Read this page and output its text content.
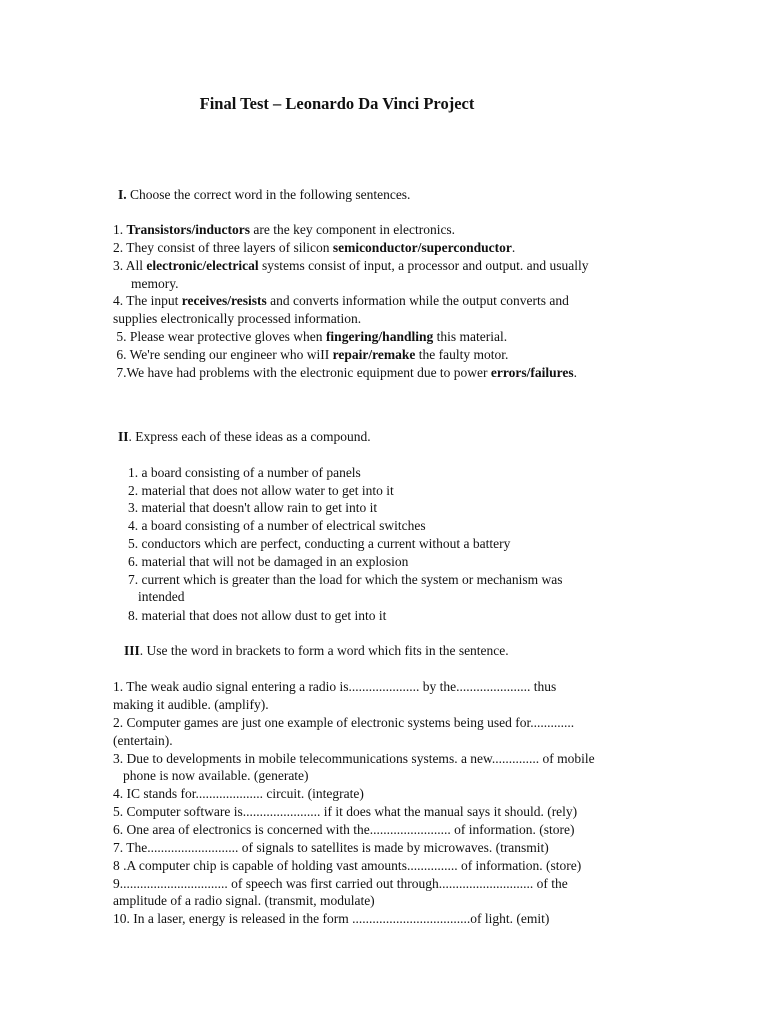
Final Test – Leonardo Da Vinci Project
I. Choose the correct word in the following sentences.
1. Transistors/inductors are the key component in electronics.
2. They consist of three layers of silicon semiconductor/superconductor.
3. All electronic/electrical systems consist of input, a processor and output. and usually
memory.
4. The input receives/resists and converts information while the output converts and
supplies electronically processed information.
5. Please wear protective gloves when fingering/handling this material.
6. We're sending our engineer who wiII repair/remake the faulty motor.
7.We have had problems with the electronic equipment due to power errors/failures.
II. Express each of these ideas as a compound.
1. a board consisting of a number of panels
2. material that does not allow water to get into it
3. material that doesn't allow rain to get into it
4. a board consisting of a number of electrical switches
5. conductors which are perfect, conducting a current without a battery
6. material that will not be damaged in an explosion
7. current which is greater than the load for which the system or mechanism was
intended
8. material that does not allow dust to get into it
III. Use the word in brackets to form a word which fits in the sentence.
1. The weak audio signal entering a radio is..................... by the...................... thus
making it audible. (amplify).
2. Computer games are just one example of electronic systems being used for.............
(entertain).
3. Due to developments in mobile telecommunications systems. a new.............. of mobile
phone is now available. (generate)
4. IC stands for.................... circuit. (integrate)
5. Computer software is....................... if it does what the manual says it should. (rely)
6. One area of electronics is concerned with the........................ of information. (store)
7. The........................... of signals to satellites is made by microwaves. (transmit)
8 .A computer chip is capable of holding vast amounts............... of information. (store)
9................................ of speech was first carried out through............................ of the
amplitude of a radio signal. (transmit, modulate)
10. In a laser, energy is released in the form ...................................of light. (emit)
